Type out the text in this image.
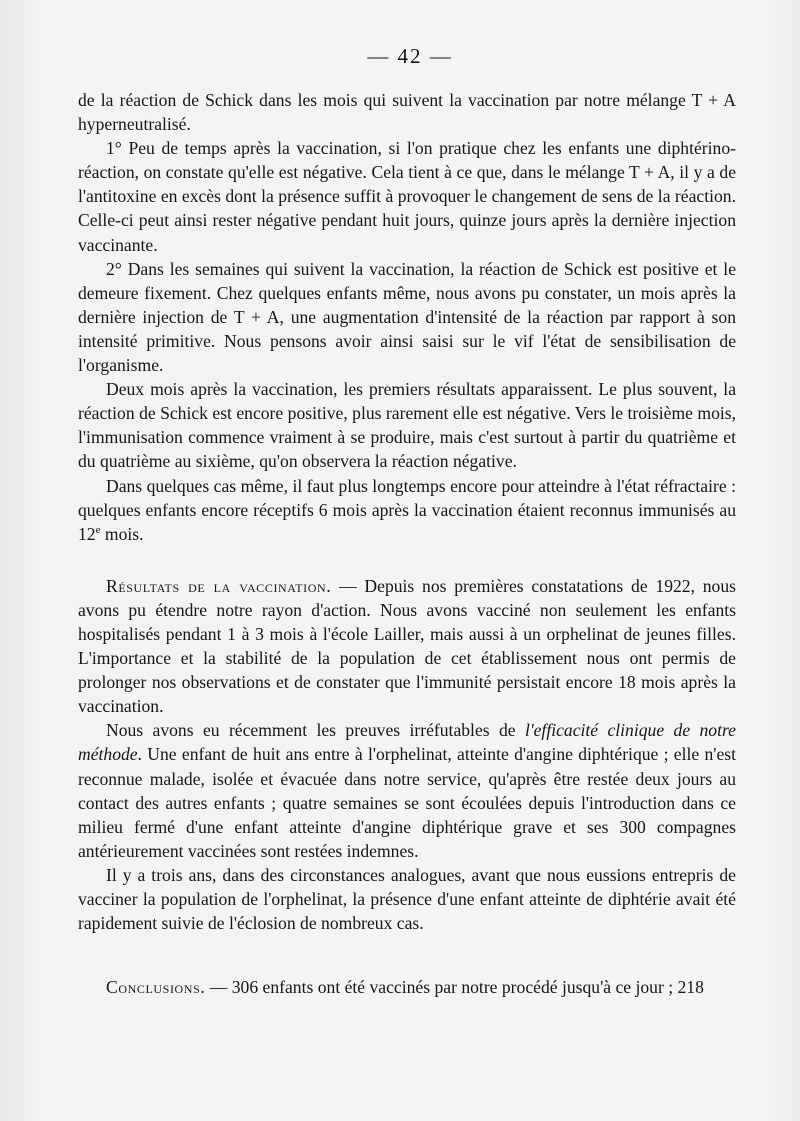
— 42 —

de la réaction de Schick dans les mois qui suivent la vaccination par notre mélange T + A hyperneutralisé.

1° Peu de temps après la vaccination, si l'on pratique chez les enfants une diphtérino-réaction, on constate qu'elle est négative. Cela tient à ce que, dans le mélange T + A, il y a de l'antitoxine en excès dont la présence suffit à provoquer le changement de sens de la réaction. Celle-ci peut ainsi rester négative pendant huit jours, quinze jours après la dernière injection vaccinante.

2° Dans les semaines qui suivent la vaccination, la réaction de Schick est positive et le demeure fixement. Chez quelques enfants même, nous avons pu constater, un mois après la dernière injection de T + A, une augmentation d'intensité de la réaction par rapport à son intensité primitive. Nous pensons avoir ainsi saisi sur le vif l'état de sensibilisation de l'organisme.

Deux mois après la vaccination, les premiers résultats apparaissent. Le plus souvent, la réaction de Schick est encore positive, plus rarement elle est négative. Vers le troisième mois, l'immunisation commence vraiment à se produire, mais c'est surtout à partir du quatrième et du quatrième au sixième, qu'on observera la réaction négative.

Dans quelques cas même, il faut plus longtemps encore pour atteindre à l'état réfractaire : quelques enfants encore réceptifs 6 mois après la vaccination étaient reconnus immunisés au 12e mois.

Résultats de la vaccination. — Depuis nos premières constatations de 1922, nous avons pu étendre notre rayon d'action. Nous avons vacciné non seulement les enfants hospitalisés pendant 1 à 3 mois à l'école Lailler, mais aussi à un orphelinat de jeunes filles. L'importance et la stabilité de la population de cet établissement nous ont permis de prolonger nos observations et de constater que l'immunité persistait encore 18 mois après la vaccination.

Nous avons eu récemment les preuves irréfutables de l'efficacité clinique de notre méthode. Une enfant de huit ans entre à l'orphelinat, atteinte d'angine diphtérique ; elle n'est reconnue malade, isolée et évacuée dans notre service, qu'après être restée deux jours au contact des autres enfants ; quatre semaines se sont écoulées depuis l'introduction dans ce milieu fermé d'une enfant atteinte d'angine diphtérique grave et ses 300 compagnes antérieurement vaccinées sont restées indemnes.

Il y a trois ans, dans des circonstances analogues, avant que nous eussions entrepris de vacciner la population de l'orphelinat, la présence d'une enfant atteinte de diphtérie avait été rapidement suivie de l'éclosion de nombreux cas.

Conclusions. — 306 enfants ont été vaccinés par notre procédé jusqu'à ce jour ; 218
